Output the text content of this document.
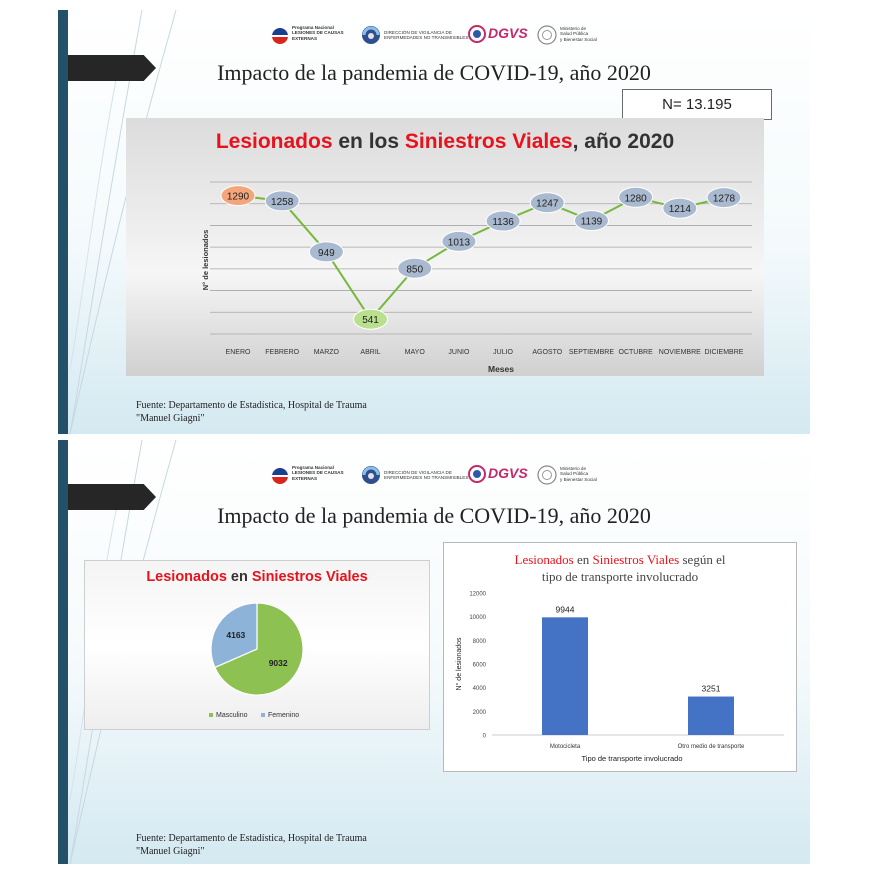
Programa Nacional
LESIONES DE CAUSAS
EXTERNAS
DIRECCIÓN DE VIGILANCIA DE
ENFERMEDADES NO TRANSMISIBLES DGVS	Ministerio de
Salud Pública
y Bienestar Social
Impacto de la pandemia de COVID-19, año 2020
N= 13.195
Lesionados en los Siniestros Viales, año 2020
1290 1258
949
541
850
1013
1136
1247
1139
1280
1214
1278
ENERO FEBRERO MARZO	ABRIL	MAYO	JUNIO	JULIO	AGOSTO SEPTIEMBRE OCTUBRE NOVIEMBRE DICIEMBRE
Meses
N° de lesionados
Fuente: Departamento de Estadística, Hospital de Trauma
"Manuel Giagni"
Programa Nacional
LESIONES DE CAUSAS
EXTERNAS
DIRECCIÓN DE VIGILANCIA DE
ENFERMEDADES NO TRANSMISIBLES DGVS	Ministerio de
Salud Pública
y Bienestar Social
Impacto de la pandemia de COVID-19, año 2020
Lesionados en Siniestros Viales
9032
4163
Masculino	Femenino
Lesionados en Siniestros Viales según el
tipo de transporte involucrado
0
2000
4000
6000
8000
10000
12000
9944
Motocicleta
3251
Otro medio de transporte
Tipo de transporte involucrado
N° de lesionados
Fuente: Departamento de Estadística, Hospital de Trauma
"Manuel Giagni"
